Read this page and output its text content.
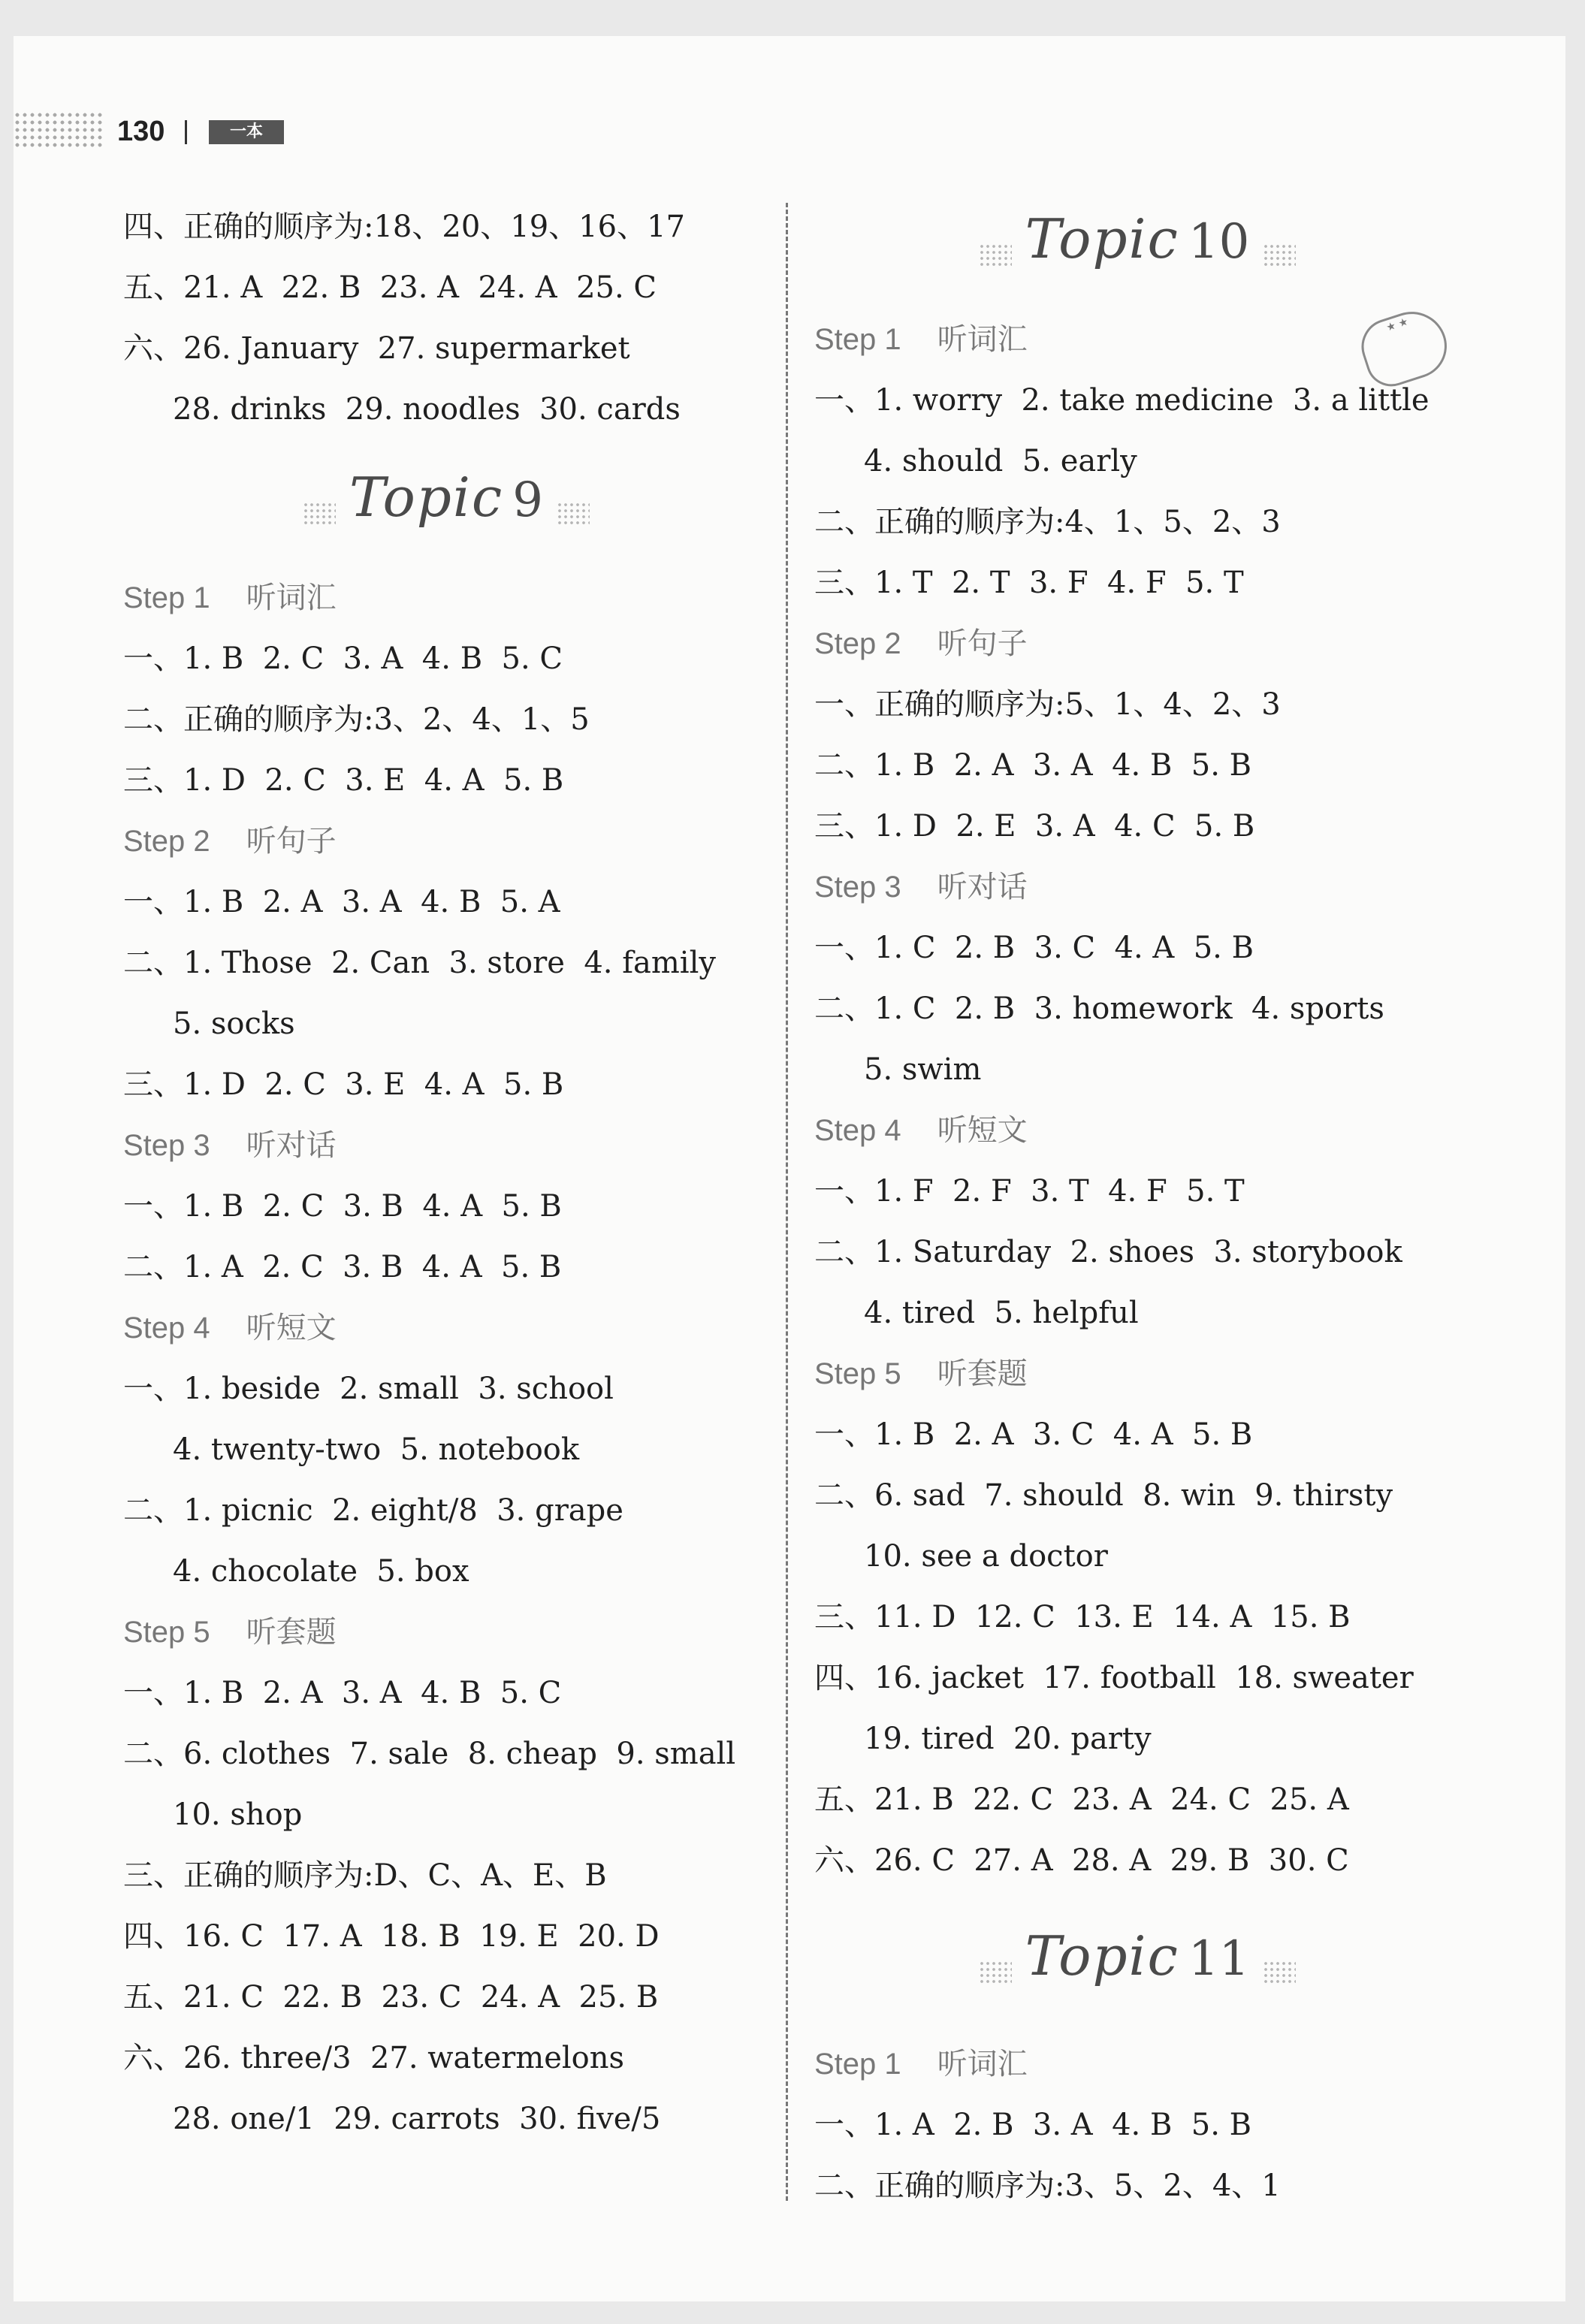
130	一本
★ ★
四、正确的顺序为:18、20、19、16、17
五、21. A  22. B  23. A  24. A  25. C
六、26. January  27. supermarket
28. drinks  29. noodles  30. cards
Topic 9
Step 1 听词汇
一、1. B  2. C  3. A  4. B  5. C
二、正确的顺序为:3、2、4、1、5
三、1. D  2. C  3. E  4. A  5. B
Step 2 听句子
一、1. B  2. A  3. A  4. B  5. A
二、1. Those  2. Can  3. store  4. family
5. socks
三、1. D  2. C  3. E  4. A  5. B
Step 3 听对话
一、1. B  2. C  3. B  4. A  5. B
二、1. A  2. C  3. B  4. A  5. B
Step 4 听短文
一、1. beside  2. small  3. school
4. twenty-two  5. notebook
二、1. picnic  2. eight/8  3. grape
4. chocolate  5. box
Step 5 听套题
一、1. B  2. A  3. A  4. B  5. C
二、6. clothes  7. sale  8. cheap  9. small
10. shop
三、正确的顺序为:D、C、A、E、B
四、16. C  17. A  18. B  19. E  20. D
五、21. C  22. B  23. C  24. A  25. B
六、26. three/3  27. watermelons
28. one/1  29. carrots  30. five/5
Topic 10
Step 1 听词汇
一、1. worry  2. take medicine  3. a little
4. should  5. early
二、正确的顺序为:4、1、5、2、3
三、1. T  2. T  3. F  4. F  5. T
Step 2 听句子
一、正确的顺序为:5、1、4、2、3
二、1. B  2. A  3. A  4. B  5. B
三、1. D  2. E  3. A  4. C  5. B
Step 3 听对话
一、1. C  2. B  3. C  4. A  5. B
二、1. C  2. B  3. homework  4. sports
5. swim
Step 4 听短文
一、1. F  2. F  3. T  4. F  5. T
二、1. Saturday  2. shoes  3. storybook
4. tired  5. helpful
Step 5 听套题
一、1. B  2. A  3. C  4. A  5. B
二、6. sad  7. should  8. win  9. thirsty
10. see a doctor
三、11. D  12. C  13. E  14. A  15. B
四、16. jacket  17. football  18. sweater
19. tired  20. party
五、21. B  22. C  23. A  24. C  25. A
六、26. C  27. A  28. A  29. B  30. C
Topic 11
Step 1 听词汇
一、1. A  2. B  3. A  4. B  5. B
二、正确的顺序为:3、5、2、4、1
